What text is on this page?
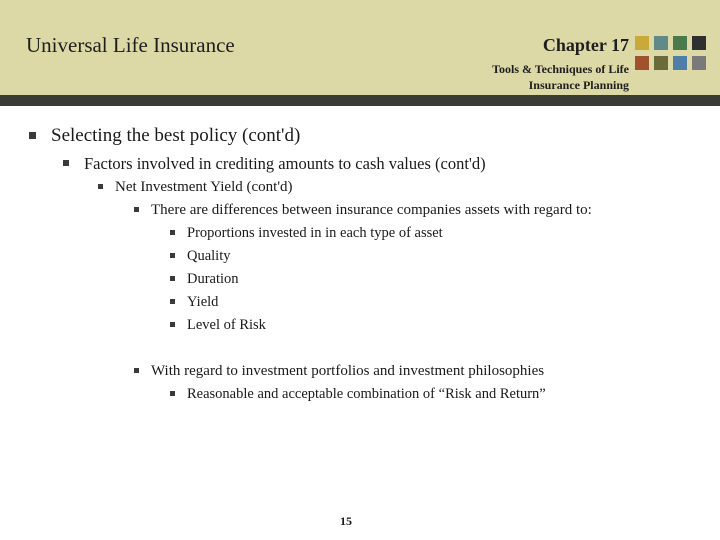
Universal Life Insurance	Chapter 17
Tools & Techniques of Life
Insurance Planning
Selecting the best policy (cont'd)
Factors involved in crediting amounts to cash values (cont'd)
Net Investment Yield (cont'd)
There are differences between insurance companies assets with regard to:
Proportions invested in in each type of asset
Quality
Duration
Yield
Level of Risk
With regard to investment portfolios and investment philosophies
Reasonable and acceptable combination of “Risk and Return”
15
